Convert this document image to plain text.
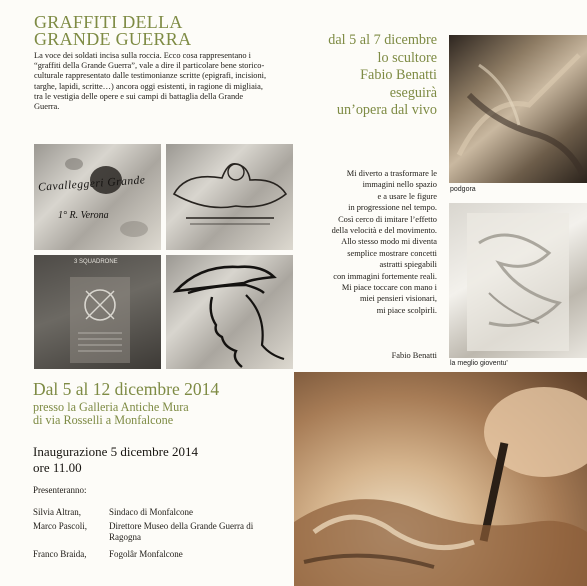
GRAFFITI DELLA
GRANDE GUERRA
La voce dei soldati incisa sulla roccia. Ecco cosa rappresentano i “graffiti della Grande Guerra”, vale a dire il particolare bene storico-culturale rappresentato dalle testimonianze scritte (epigrafi, incisioni, targhe, lapidi, scritte…) ancora oggi esistenti, in ragione di migliaia, tra le vestigia delle opere e sui campi di battaglia della Grande Guerra.
Cavalleggeri Grande
1° R. Verona
3 SQUADRONE
dal 5 al 7 dicembre
lo scultore
Fabio Benatti
eseguirà
un’opera dal vivo
Mi diverto a trasformare le
immagini nello spazio
e a usare le figure
in progressione nel tempo.
Così cerco di imitare l’effetto
della velocità e del movimento.
Allo stesso modo mi diventa
semplice mostrare concetti
astratti spiegabili
con immagini fortemente reali.
Mi piace toccare con mano i
miei pensieri visionari,
mi piace scolpirli.
Fabio Benatti
podgora
la meglio gioventu'
Dal 5 al 12 dicembre 2014
presso la Galleria Antiche Mura
di via Rosselli a Monfalcone
Inaugurazione 5 dicembre 2014
ore 11.00
Presenteranno:
Silvia Altran,	Sindaco di Monfalcone
Marco Pascoli, Direttore Museo della Grande Guerra di Ragogna
Franco Braida,	Fogolâr Monfalcone
